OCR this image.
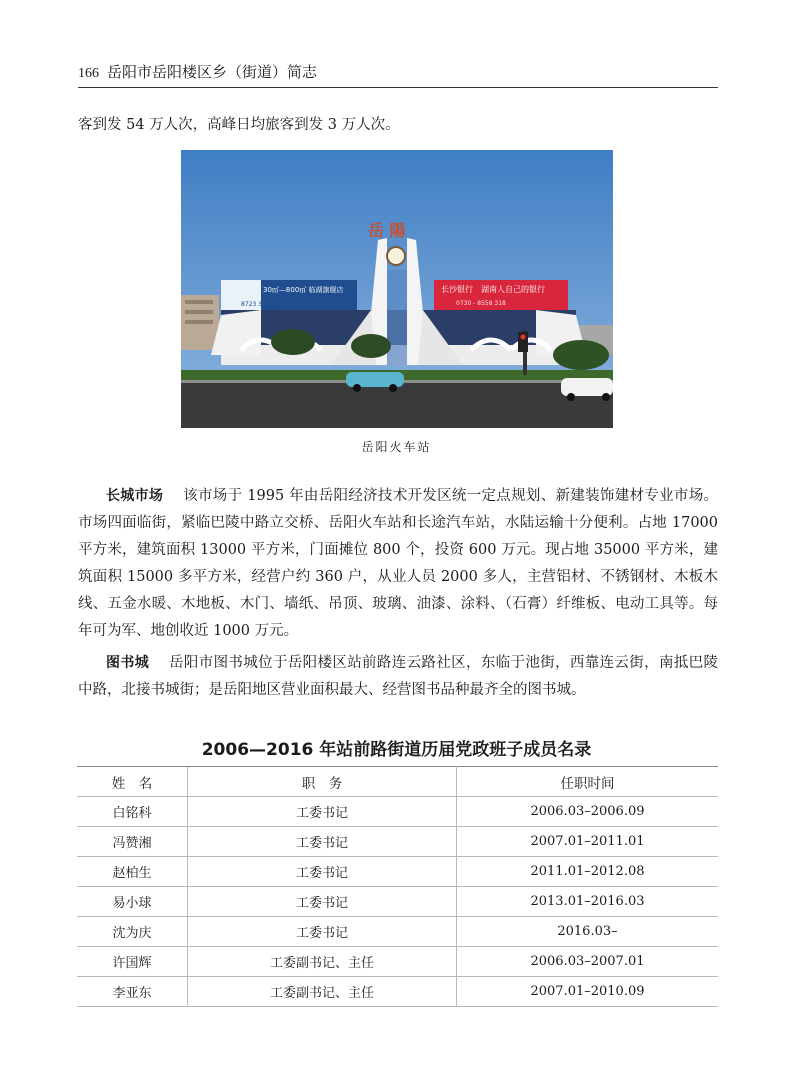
166 岳阳市岳阳楼区乡（街道）简志

客到发 54 万人次，高峰日均旅客到发 3 万人次。

岳 陽
30㎡—800㎡ 临湖旗舰店
8723 3333
长沙银行　湖南人自己的银行
0730 - 8558 318
岳阳火车站

长城市场 该市场于 1995 年由岳阳经济技术开发区统一定点规划、新建装饰建材专业市场。市场四面临街，紧临巴陵中路立交桥、岳阳火车站和长途汽车站，水陆运输十分便利。占地 17000 平方米，建筑面积 13000 平方米，门面摊位 800 个，投资 600 万元。现占地 35000 平方米，建筑面积 15000 多平方米，经营户约 360 户，从业人员 2000 多人，主营铝材、不锈钢材、木板木线、五金水暖、木地板、木门、墙纸、吊顶、玻璃、油漆、涂料、（石膏）纤维板、电动工具等。每年可为军、地创收近 1000 万元。

图书城 岳阳市图书城位于岳阳楼区站前路连云路社区，东临于池街，西靠连云街，南抵巴陵中路，北接书城街；是岳阳地区营业面积最大、经营图书品种最齐全的图书城。

2006—2016 年站前路街道历届党政班子成员名录
姓　名	职　务	任职时间
白铭科	工委书记	2006.03–2006.09
冯赞湘	工委书记	2007.01–2011.01
赵柏生	工委书记	2011.01–2012.08
易小球	工委书记	2013.01–2016.03
沈为庆	工委书记	2016.03–
许国辉	工委副书记、主任	2006.03–2007.01
李亚东	工委副书记、主任	2007.01–2010.09
